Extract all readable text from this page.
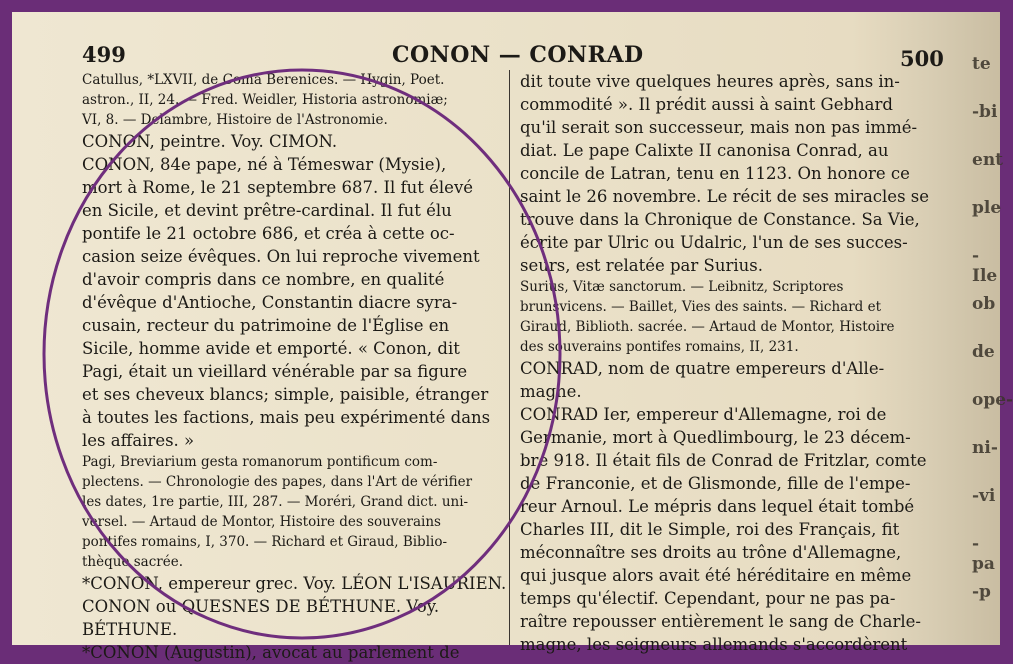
499	CONON — CONRAD	500
Catullus, *LXVII, de Coma Berenices. — Hygin, Poet.
astron., II, 24. — Fred. Weidler, Historia astronomiæ;
VI, 8. — Delambre, Histoire de l'Astronomie.
CONON, peintre. Voy. CIMON.
CONON, 84e pape, né à Témeswar (Mysie),
mort à Rome, le 21 septembre 687. Il fut élevé
en Sicile, et devint prêtre-cardinal. Il fut élu
pontife le 21 octobre 686, et créa à cette oc-
casion seize évêques. On lui reproche vivement
d'avoir compris dans ce nombre, en qualité
d'évêque d'Antioche, Constantin diacre syra-
cusain, recteur du patrimoine de l'Église en
Sicile, homme avide et emporté. « Conon, dit
Pagi, était un vieillard vénérable par sa figure
et ses cheveux blancs; simple, paisible, étranger
à toutes les factions, mais peu expérimenté dans
les affaires. »
Pagi, Breviarium gesta romanorum pontificum com-
plectens. — Chronologie des papes, dans l'Art de vérifier
les dates, 1re partie, III, 287. — Moréri, Grand dict. uni-
versel. — Artaud de Montor, Histoire des souverains
pontifes romains, I, 370. — Richard et Giraud, Biblio-
thèque sacrée.
*CONON, empereur grec. Voy. LÉON L'ISAURIEN.
CONON ou QUESNES DE BÉTHUNE. Voy.
BÉTHUNE.
*CONON (Augustin), avocat au parlement de
dit toute vive quelques heures après, sans in-
commodité ». Il prédit aussi à saint Gebhard
qu'il serait son successeur, mais non pas immé-
diat. Le pape Calixte II canonisa Conrad, au
concile de Latran, tenu en 1123. On honore ce
saint le 26 novembre. Le récit de ses miracles se
trouve dans la Chronique de Constance. Sa Vie,
écrite par Ulric ou Udalric, l'un de ses succes-
seurs, est relatée par Surius.
Surius, Vitæ sanctorum. — Leibnitz, Scriptores
brunsvicens. — Baillet, Vies des saints. — Richard et
Giraud, Biblioth. sacrée. — Artaud de Montor, Histoire
des souverains pontifes romains, II, 231.
CONRAD, nom de quatre empereurs d'Alle-
magne.
CONRAD Ier, empereur d'Allemagne, roi de
Germanie, mort à Quedlimbourg, le 23 décem-
bre 918. Il était fils de Conrad de Fritzlar, comte
de Franconie, et de Glismonde, fille de l'empe-
reur Arnoul. Le mépris dans lequel était tombé
Charles III, dit le Simple, roi des Français, fit
méconnaître ses droits au trône d'Allemagne,
qui jusque alors avait été héréditaire en même
temps qu'électif. Cependant, pour ne pas pa-
raître repousser entièrement le sang de Charle-
magne, les seigneurs allemands s'accordèrent
te
-bi
ent
ple
-Ile
ob
de
ope-
ni-
-vi
-pa
-p
